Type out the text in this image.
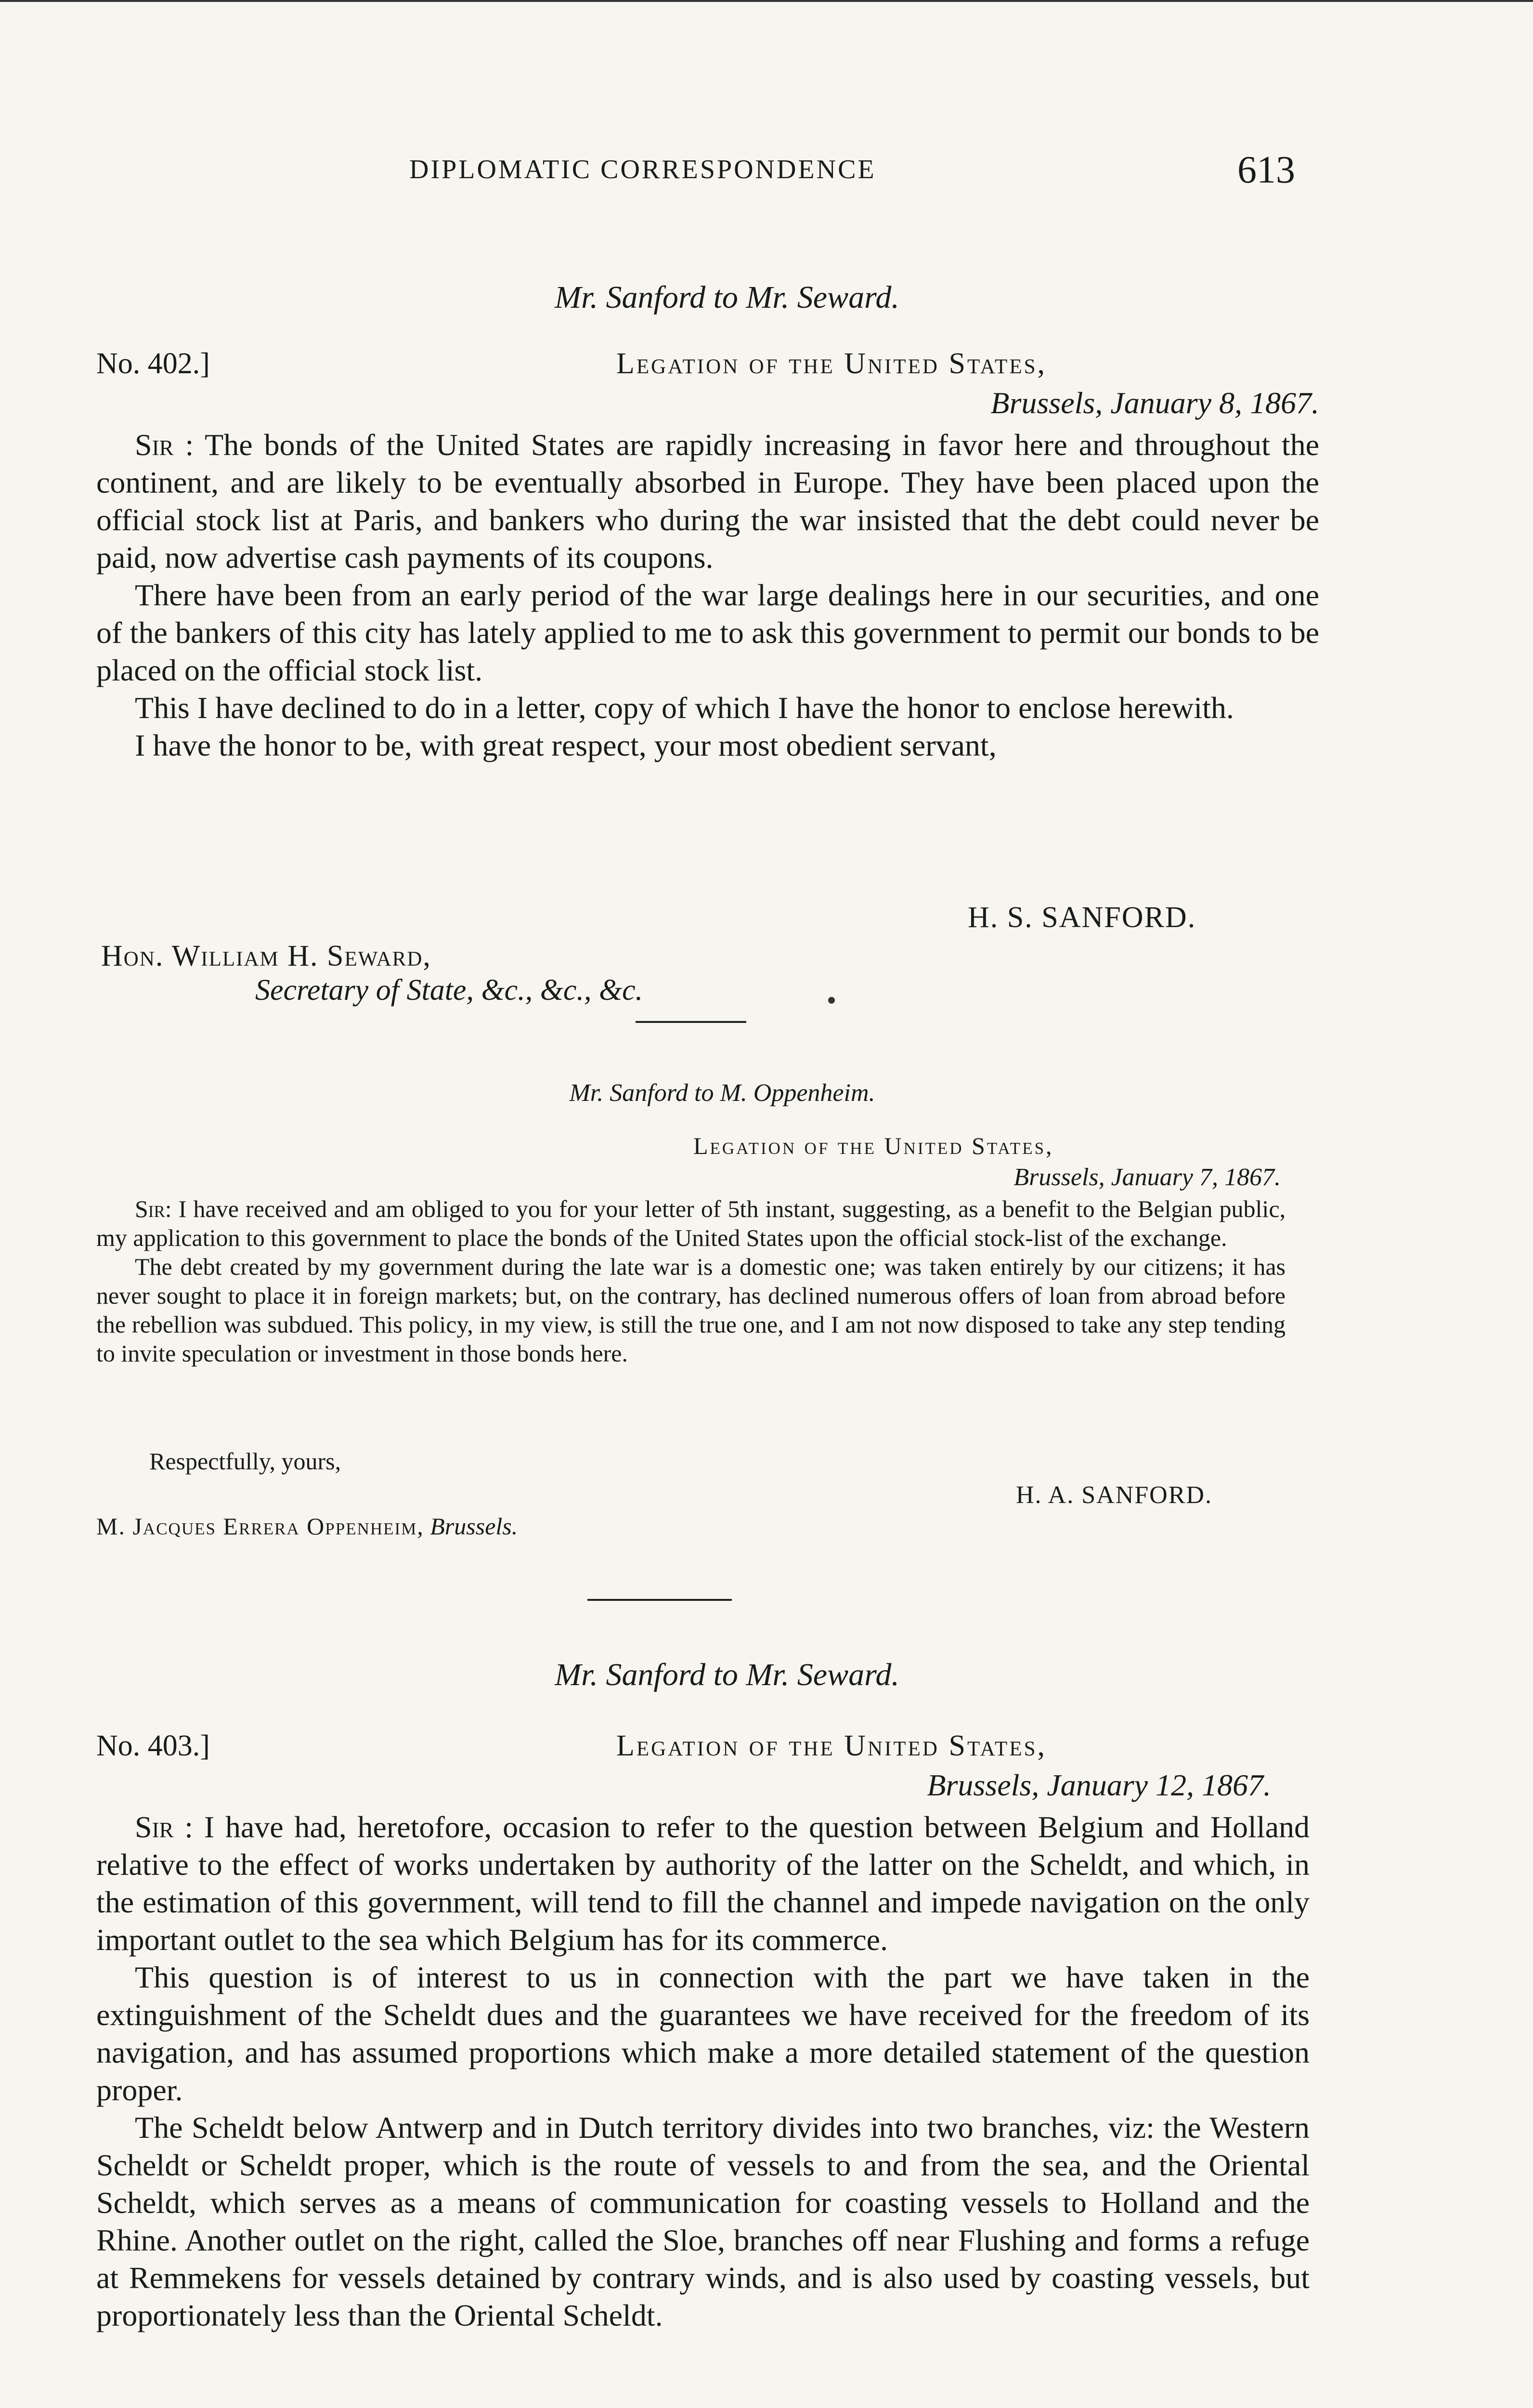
DIPLOMATIC CORRESPONDENCE	613
Mr. Sanford to Mr. Seward.
No. 402.]	Legation of the United States,
Brussels, January 8, 1867.

Sir : The bonds of the United States are rapidly increasing in favor here and throughout the continent, and are likely to be eventually absorbed in Europe. They have been placed upon the official stock list at Paris, and bankers who during the war insisted that the debt could never be paid, now advertise cash payments of its coupons.

There have been from an early period of the war large dealings here in our securities, and one of the bankers of this city has lately applied to me to ask this government to permit our bonds to be placed on the official stock list.

This I have declined to do in a letter, copy of which I have the honor to enclose herewith.

I have the honor to be, with great respect, your most obedient servant,

H. S. SANFORD.
Hon. William H. Seward,
Secretary of State, &c., &c., &c.
Mr. Sanford to M. Oppenheim.
Legation of the United States,
Brussels, January 7, 1867.

Sir: I have received and am obliged to you for your letter of 5th instant, suggesting, as a benefit to the Belgian public, my application to this government to place the bonds of the United States upon the official stock-list of the exchange.

The debt created by my government during the late war is a domestic one; was taken entirely by our citizens; it has never sought to place it in foreign markets; but, on the contrary, has declined numerous offers of loan from abroad before the rebellion was subdued. This policy, in my view, is still the true one, and I am not now disposed to take any step tending to invite speculation or investment in those bonds here.

Respectfully, yours,
H. A. SANFORD.
M. Jacques Errera Oppenheim, Brussels.
Mr. Sanford to Mr. Seward.
No. 403.]	Legation of the United States,
Brussels, January 12, 1867.

Sir : I have had, heretofore, occasion to refer to the question between Belgium and Holland relative to the effect of works undertaken by authority of the latter on the Scheldt, and which, in the estimation of this government, will tend to fill the channel and impede navigation on the only important outlet to the sea which Belgium has for its commerce.

This question is of interest to us in connection with the part we have taken in the extinguishment of the Scheldt dues and the guarantees we have received for the freedom of its navigation, and has assumed proportions which make a more detailed statement of the question proper.

The Scheldt below Antwerp and in Dutch territory divides into two branches, viz: the Western Scheldt or Scheldt proper, which is the route of vessels to and from the sea, and the Oriental Scheldt, which serves as a means of communication for coasting vessels to Holland and the Rhine. Another outlet on the right, called the Sloe, branches off near Flushing and forms a refuge at Remmekens for vessels detained by contrary winds, and is also used by coasting vessels, but proportionately less than the Oriental Scheldt.
